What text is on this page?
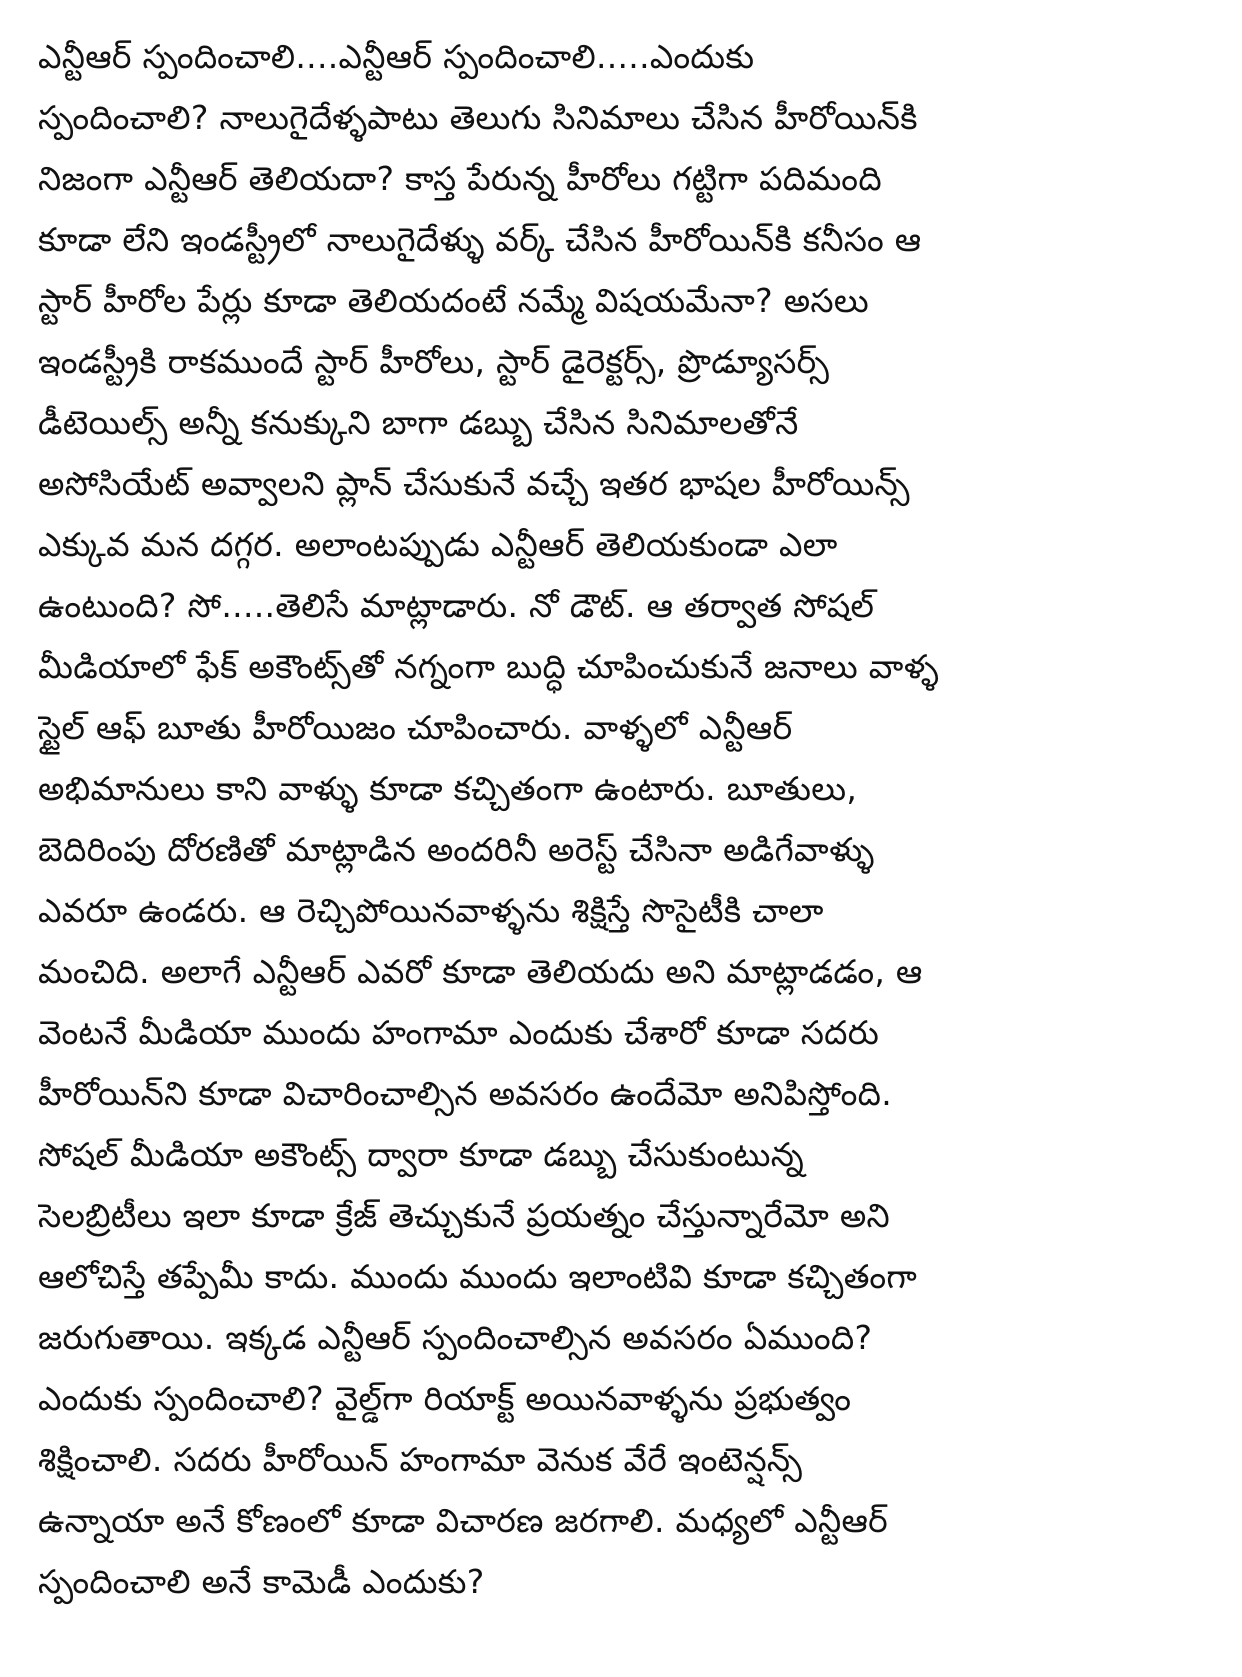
ఎన్టీఆర్ స్పందించాలి....ఎన్టీఆర్ స్పందించాలి.....ఎందుకు
స్పందించాలి? నాలుగైదేళ్ళపాటు తెలుగు సినిమాలు చేసిన హీరోయిన్‌కి
నిజంగా ఎన్టీఆర్ తెలియదా? కాస్త పేరున్న హీరోలు గట్టిగా పదిమంది
కూడా లేని ఇండస్ట్రీలో నాలుగైదేళ్ళు వర్క్ చేసిన హీరోయిన్‌కి కనీసం ఆ
స్టార్ హీరోల పేర్లు కూడా తెలియదంటే నమ్మే విషయమేనా? అసలు
ఇండస్ట్రీకి రాకముందే స్టార్ హీరోలు, స్టార్ డైరెక్టర్స్, ప్రొడ్యూసర్స్
డీటెయిల్స్ అన్నీ కనుక్కుని బాగా డబ్బు చేసిన సినిమాలతోనే
అసోసియేట్ అవ్వాలని ప్లాన్ చేసుకునే వచ్చే ఇతర భాషల హీరోయిన్స్
ఎక్కువ మన దగ్గర. అలాంటప్పుడు ఎన్టీఆర్ తెలియకుండా ఎలా
ఉంటుంది? సో.....తెలిసే మాట్లాడారు. నో డౌట్. ఆ తర్వాత సోషల్
మీడియాలో ఫేక్ అకౌంట్స్‌తో నగ్నంగా బుద్ధి చూపించుకునే జనాలు వాళ్ళ
స్టైల్ ఆఫ్ బూతు హీరోయిజం చూపించారు. వాళ్ళలో ఎన్టీఆర్
అభిమానులు కాని వాళ్ళు కూడా కచ్చితంగా ఉంటారు. బూతులు,
బెదిరింపు దోరణితో మాట్లాడిన అందరినీ అరెస్ట్ చేసినా అడిగేవాళ్ళు
ఎవరూ ఉండరు. ఆ రెచ్చిపోయినవాళ్ళను శిక్షిస్తే సొసైటీకి చాలా
మంచిది. అలాగే ఎన్టీఆర్ ఎవరో కూడా తెలియదు అని మాట్లాడడం, ఆ
వెంటనే మీడియా ముందు హంగామా ఎందుకు చేశారో కూడా సదరు
హీరోయిన్‌ని కూడా విచారించాల్సిన అవసరం ఉందేమో అనిపిస్తోంది.
సోషల్ మీడియా అకౌంట్స్ ద్వారా కూడా డబ్బు చేసుకుంటున్న
సెలబ్రిటీలు ఇలా కూడా క్రేజ్ తెచ్చుకునే ప్రయత్నం చేస్తున్నారేమో అని
ఆలోచిస్తే తప్పేమీ కాదు. ముందు ముందు ఇలాంటివి కూడా కచ్చితంగా
జరుగుతాయి. ఇక్కడ ఎన్టీఆర్ స్పందించాల్సిన అవసరం ఏముంది?
ఎందుకు స్పందించాలి? వైల్డ్‌గా రియాక్ట్ అయినవాళ్ళను ప్రభుత్వం
శిక్షించాలి. సదరు హీరోయిన్ హంగామా వెనుక వేరే ఇంటెన్షన్స్
ఉన్నాయా అనే కోణంలో కూడా విచారణ జరగాలి. మధ్యలో ఎన్టీఆర్
స్పందించాలి అనే కామెడీ ఎందుకు?
